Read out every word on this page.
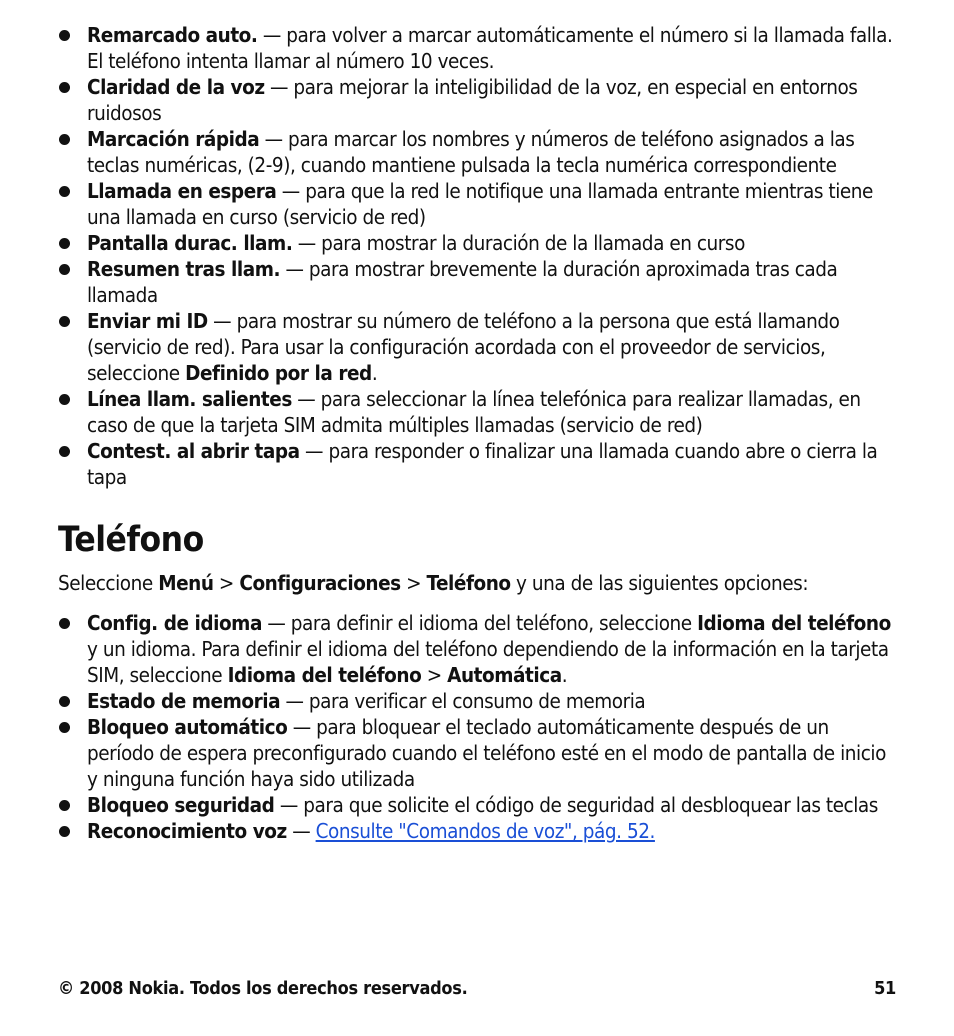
Remarcado auto. — para volver a marcar automáticamente el número si la llamada falla. El teléfono intenta llamar al número 10 veces.
Claridad de la voz — para mejorar la inteligibilidad de la voz, en especial en entornos ruidosos
Marcación rápida — para marcar los nombres y números de teléfono asignados a las teclas numéricas, (2-9), cuando mantiene pulsada la tecla numérica correspondiente
Llamada en espera — para que la red le notifique una llamada entrante mientras tiene una llamada en curso (servicio de red)
Pantalla durac. llam. — para mostrar la duración de la llamada en curso
Resumen tras llam. — para mostrar brevemente la duración aproximada tras cada llamada
Enviar mi ID — para mostrar su número de teléfono a la persona que está llamando (servicio de red). Para usar la configuración acordada con el proveedor de servicios, seleccione Definido por la red.
Línea llam. salientes — para seleccionar la línea telefónica para realizar llamadas, en caso de que la tarjeta SIM admita múltiples llamadas (servicio de red)
Contest. al abrir tapa — para responder o finalizar una llamada cuando abre o cierra la tapa
Teléfono

Seleccione Menú > Configuraciones > Teléfono y una de las siguientes opciones:

Config. de idioma — para definir el idioma del teléfono, seleccione Idioma del teléfono y un idioma. Para definir el idioma del teléfono dependiendo de la información en la tarjeta SIM, seleccione Idioma del teléfono > Automática.
Estado de memoria — para verificar el consumo de memoria
Bloqueo automático — para bloquear el teclado automáticamente después de un período de espera preconfigurado cuando el teléfono esté en el modo de pantalla de inicio y ninguna función haya sido utilizada
Bloqueo seguridad — para que solicite el código de seguridad al desbloquear las teclas
Reconocimiento voz — Consulte "Comandos de voz", pág. 52.
© 2008 Nokia. Todos los derechos reservados.	51
